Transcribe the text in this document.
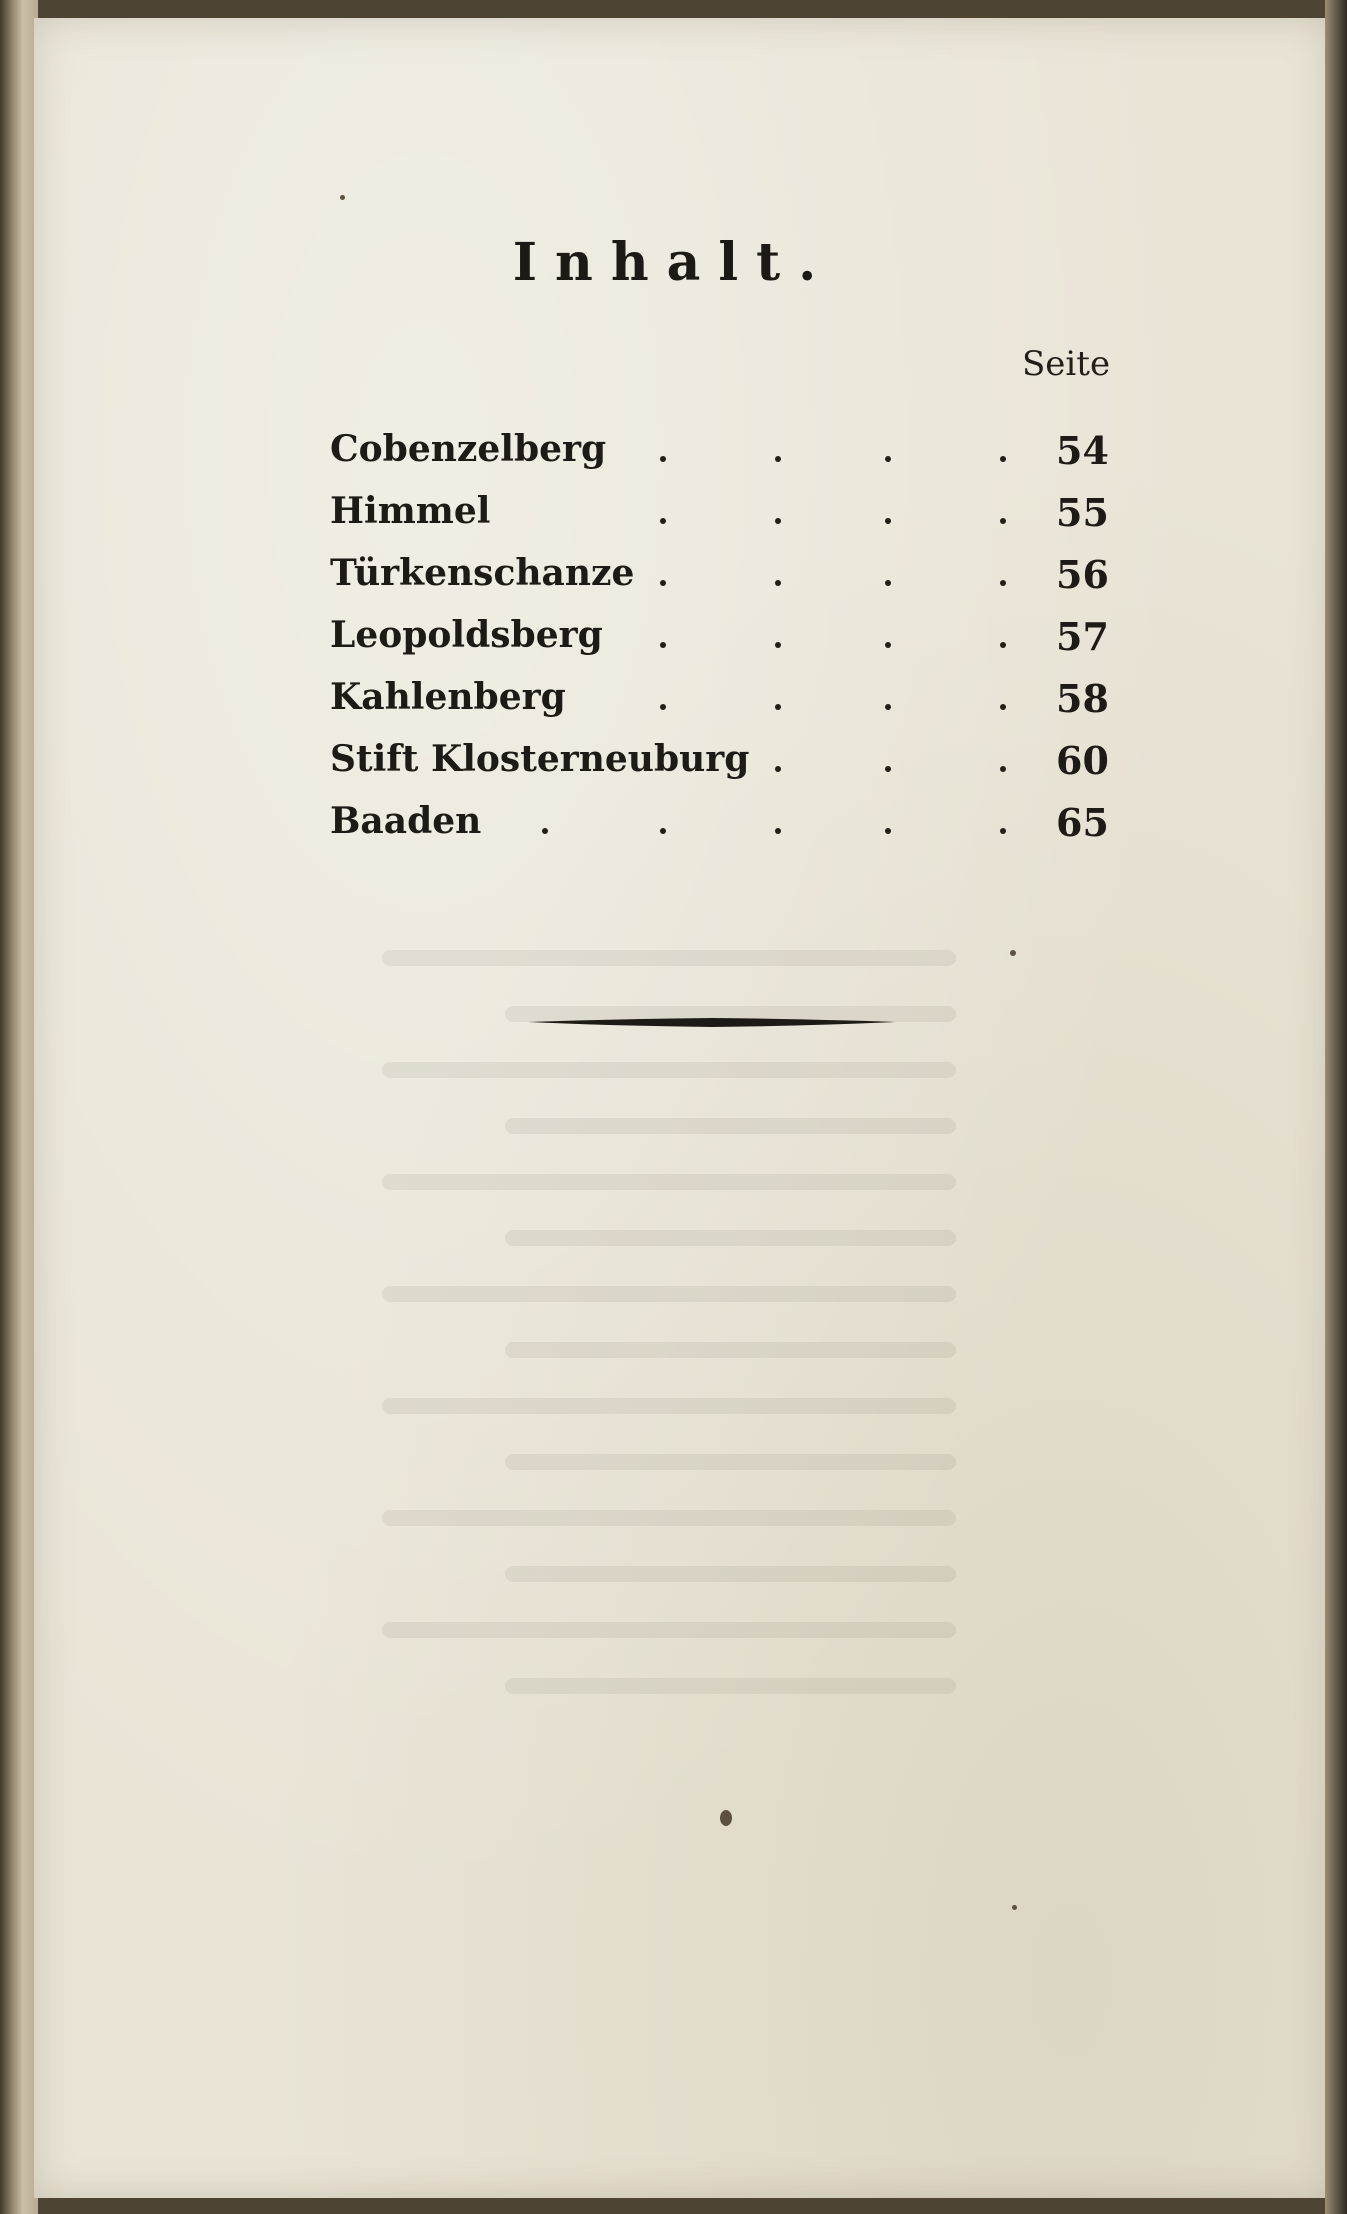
Inhalt.
Seite
Cobenzelberg	54
Himmel	55
Türkenschanze	56
Leopoldsberg	57
Kahlenberg	58
Stift Klosterneuburg	60
Baaden	65
